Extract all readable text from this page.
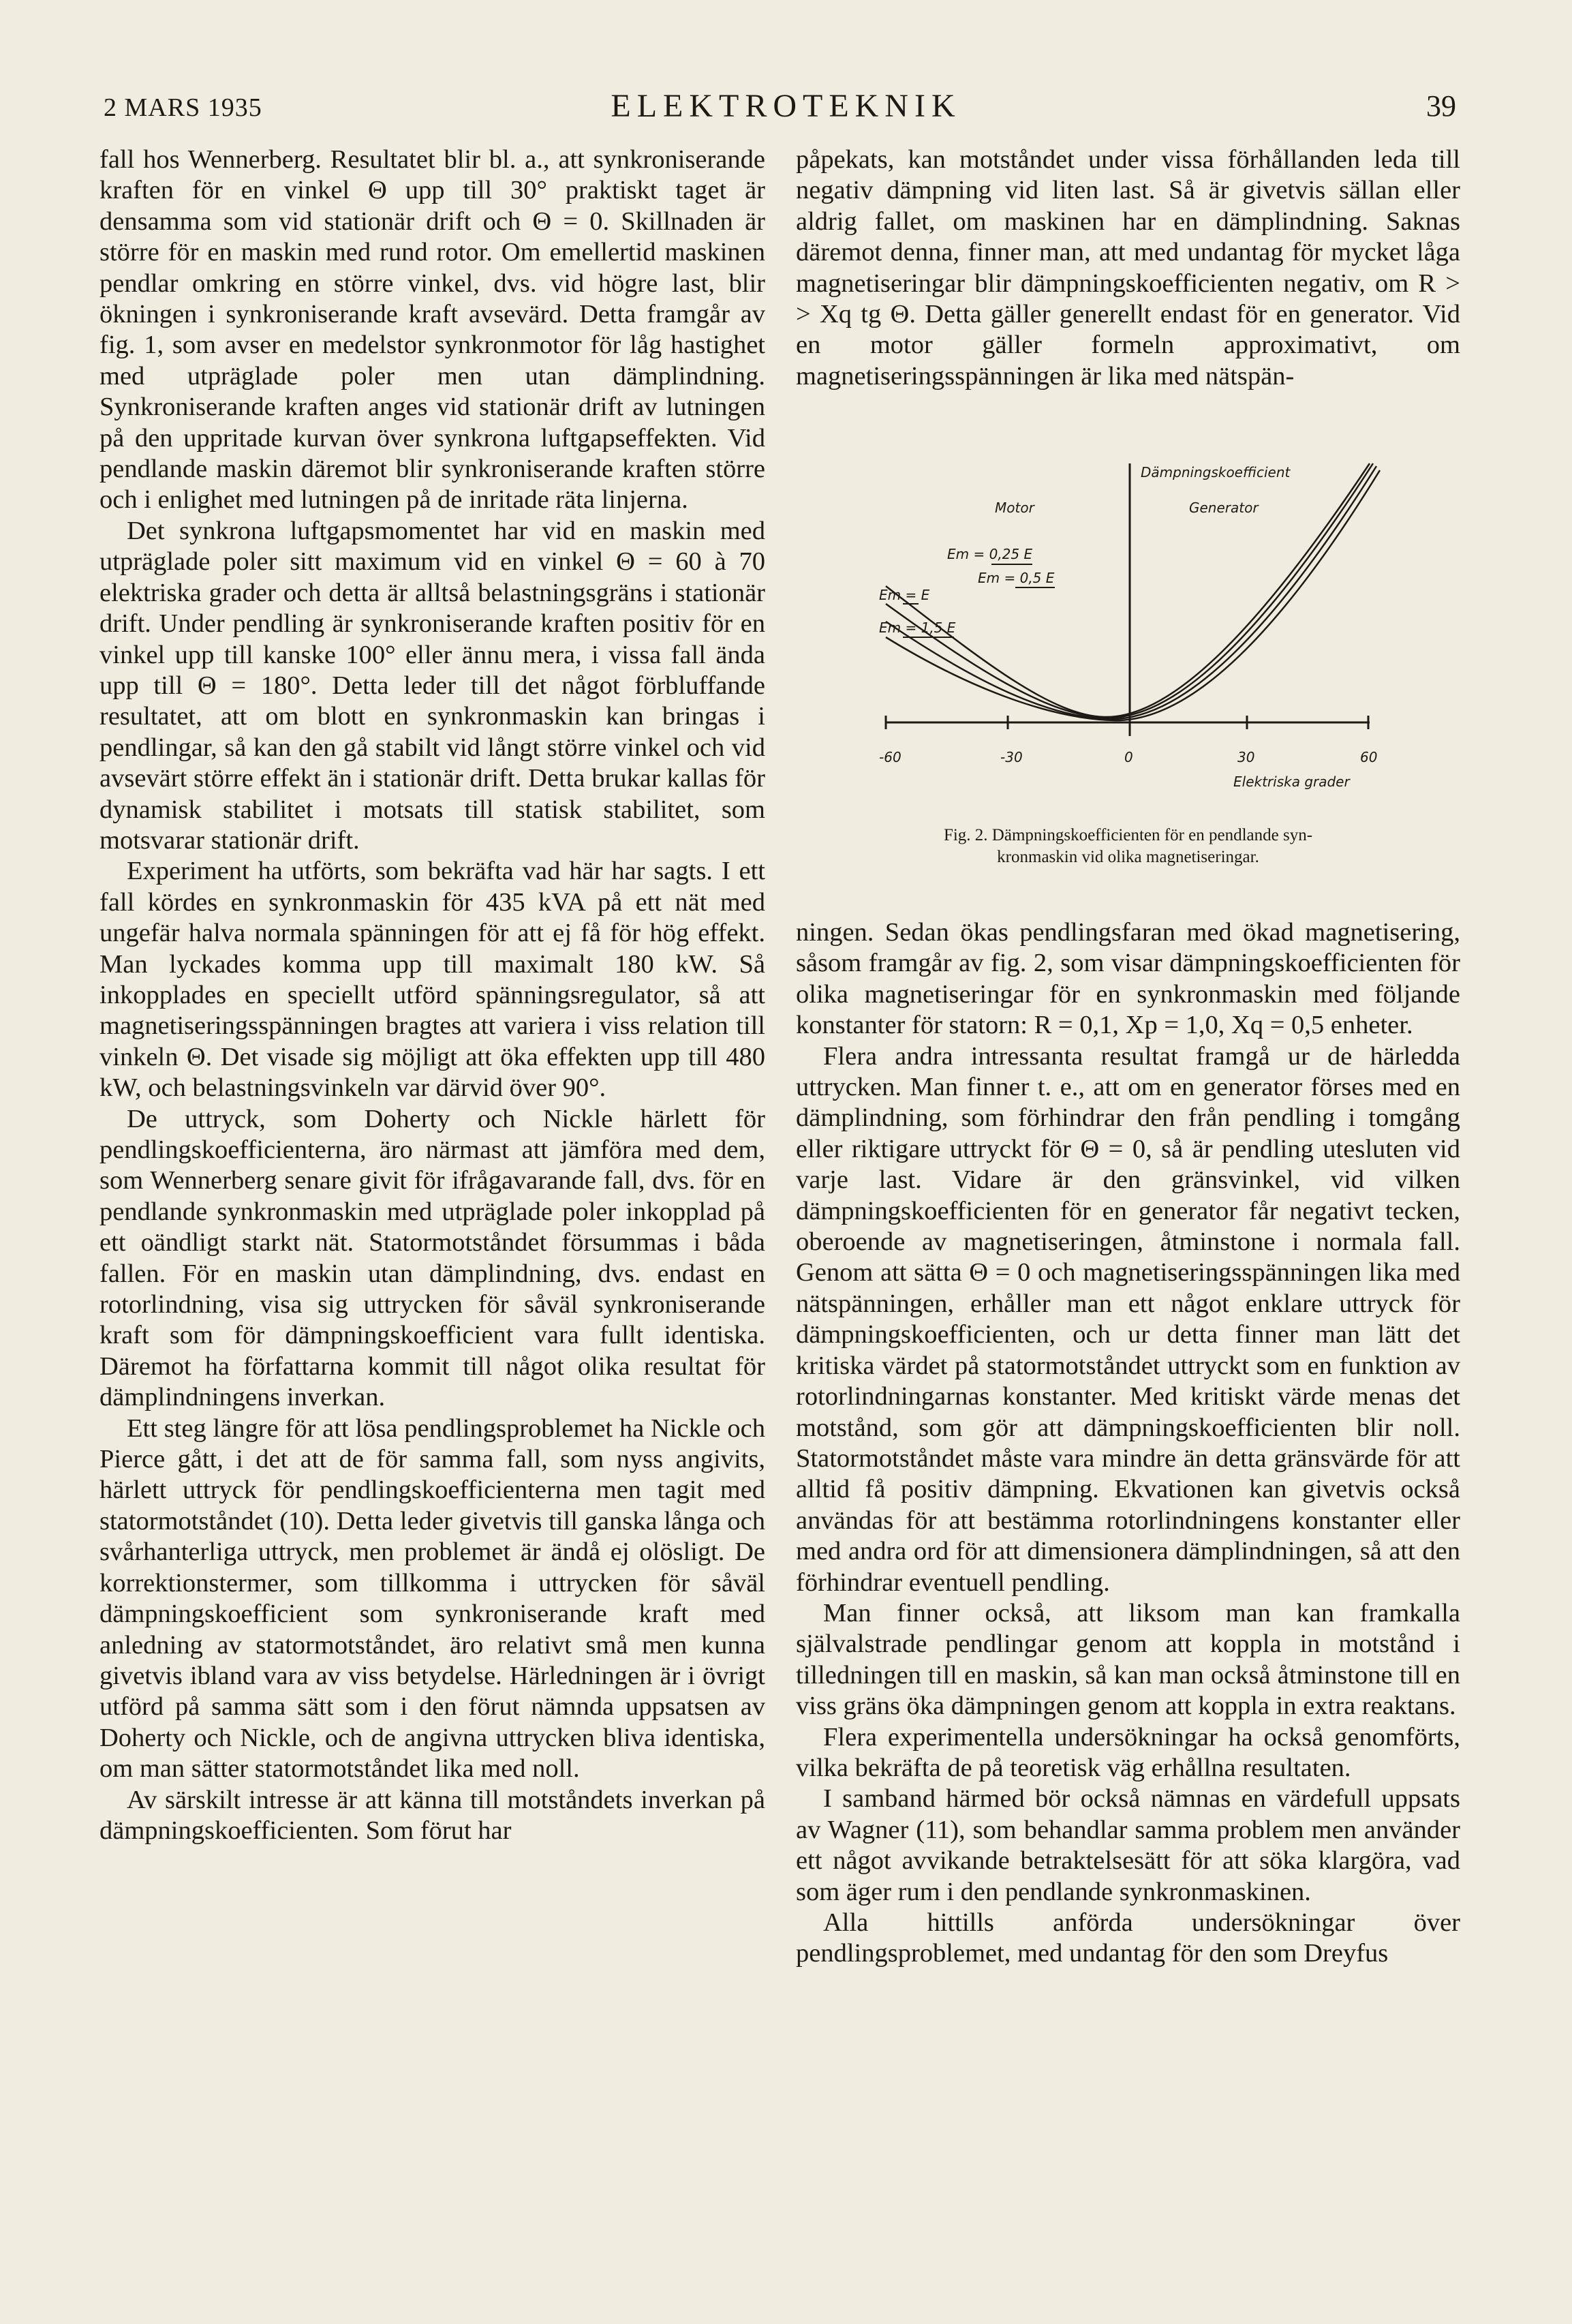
2 MARS 1935	ELEKTROTEKNIK	39

fall hos Wennerberg. Resultatet blir bl. a., att synkroniserande kraften för en vinkel Θ upp till 30° praktiskt taget är densamma som vid stationär drift och Θ = 0. Skillnaden är större för en maskin med rund rotor. Om emellertid maskinen pendlar omkring en större vinkel, dvs. vid högre last, blir ökningen i synkroniserande kraft avsevärd. Detta framgår av fig. 1, som avser en medelstor synkronmotor för låg hastighet med utpräglade poler men utan dämplindning. Synkroniserande kraften anges vid stationär drift av lutningen på den uppritade kurvan över synkrona luftgapseffekten. Vid pendlande maskin däremot blir synkroniserande kraften större och i enlighet med lutningen på de inritade räta linjerna.

Det synkrona luftgapsmomentet har vid en maskin med utpräglade poler sitt maximum vid en vinkel Θ = 60 à 70 elektriska grader och detta är alltså belastningsgräns i stationär drift. Under pendling är synkroniserande kraften positiv för en vinkel upp till kanske 100° eller ännu mera, i vissa fall ända upp till Θ = 180°. Detta leder till det något förbluffande resultatet, att om blott en synkronmaskin kan bringas i pendlingar, så kan den gå stabilt vid långt större vinkel och vid avsevärt större effekt än i stationär drift. Detta brukar kallas för dynamisk stabilitet i motsats till statisk stabilitet, som motsvarar stationär drift.

Experiment ha utförts, som bekräfta vad här har sagts. I ett fall kördes en synkronmaskin för 435 kVA på ett nät med ungefär halva normala spänningen för att ej få för hög effekt. Man lyckades komma upp till maximalt 180 kW. Så inkopplades en speciellt utförd spänningsregulator, så att magnetiseringsspänningen bragtes att variera i viss relation till vinkeln Θ. Det visade sig möjligt att öka effekten upp till 480 kW, och belastningsvinkeln var därvid över 90°.

De uttryck, som Doherty och Nickle härlett för pendlingskoefficienterna, äro närmast att jämföra med dem, som Wennerberg senare givit för ifrågavarande fall, dvs. för en pendlande synkronmaskin med utpräglade poler inkopplad på ett oändligt starkt nät. Statormotståndet försummas i båda fallen. För en maskin utan dämplindning, dvs. endast en rotorlindning, visa sig uttrycken för såväl synkroniserande kraft som för dämpningskoefficient vara fullt identiska. Däremot ha författarna kommit till något olika resultat för dämplindningens inverkan.

Ett steg längre för att lösa pendlingsproblemet ha Nickle och Pierce gått, i det att de för samma fall, som nyss angivits, härlett uttryck för pendlingskoefficienterna men tagit med statormotståndet (10). Detta leder givetvis till ganska långa och svårhanterliga uttryck, men problemet är ändå ej olösligt. De korrektionstermer, som tillkomma i uttrycken för såväl dämpningskoefficient som synkroniserande kraft med anledning av statormotståndet, äro relativt små men kunna givetvis ibland vara av viss betydelse. Härledningen är i övrigt utförd på samma sätt som i den förut nämnda uppsatsen av Doherty och Nickle, och de angivna uttrycken bliva identiska, om man sätter statormotståndet lika med noll.

Av särskilt intresse är att känna till motståndets inverkan på dämpningskoefficienten. Som förut har

påpekats, kan motståndet under vissa förhållanden leda till negativ dämpning vid liten last. Så är givetvis sällan eller aldrig fallet, om maskinen har en dämplindning. Saknas däremot denna, finner man, att med undantag för mycket låga magnetiseringar blir dämpningskoefficienten negativ, om R > > Xq tg Θ. Detta gäller generellt endast för en generator. Vid en motor gäller formeln approximativt, om magnetiseringsspänningen är lika med nätspän-

Dämpningskoefficient
Motor	Generator
Em = 0,25 E
Em = 0,5 E
Em = E
Em = 1,5 E
-60	-30	0	30	60
Elektriska grader
Fig. 2. Dämpningskoefficienten för en pendlande syn-
kronmaskin vid olika magnetiseringar.

ningen. Sedan ökas pendlingsfaran med ökad magnetisering, såsom framgår av fig. 2, som visar dämpningskoefficienten för olika magnetiseringar för en synkronmaskin med följande konstanter för statorn: R = 0,1, Xp = 1,0, Xq = 0,5 enheter.

Flera andra intressanta resultat framgå ur de härledda uttrycken. Man finner t. e., att om en generator förses med en dämplindning, som förhindrar den från pendling i tomgång eller riktigare uttryckt för Θ = 0, så är pendling utesluten vid varje last. Vidare är den gränsvinkel, vid vilken dämpningskoefficienten för en generator får negativt tecken, oberoende av magnetiseringen, åtminstone i normala fall. Genom att sätta Θ = 0 och magnetiseringsspänningen lika med nätspänningen, erhåller man ett något enklare uttryck för dämpningskoefficienten, och ur detta finner man lätt det kritiska värdet på statormotståndet uttryckt som en funktion av rotorlindningarnas konstanter. Med kritiskt värde menas det motstånd, som gör att dämpningskoefficienten blir noll. Statormotståndet måste vara mindre än detta gränsvärde för att alltid få positiv dämpning. Ekvationen kan givetvis också användas för att bestämma rotorlindningens konstanter eller med andra ord för att dimensionera dämplindningen, så att den förhindrar eventuell pendling.

Man finner också, att liksom man kan framkalla självalstrade pendlingar genom att koppla in motstånd i tilledningen till en maskin, så kan man också åtminstone till en viss gräns öka dämpningen genom att koppla in extra reaktans.

Flera experimentella undersökningar ha också genomförts, vilka bekräfta de på teoretisk väg erhållna resultaten.

I samband härmed bör också nämnas en värdefull uppsats av Wagner (11), som behandlar samma problem men använder ett något avvikande betraktelsesätt för att söka klargöra, vad som äger rum i den pendlande synkronmaskinen.

Alla hittills anförda undersökningar över pendlingsproblemet, med undantag för den som Dreyfus
